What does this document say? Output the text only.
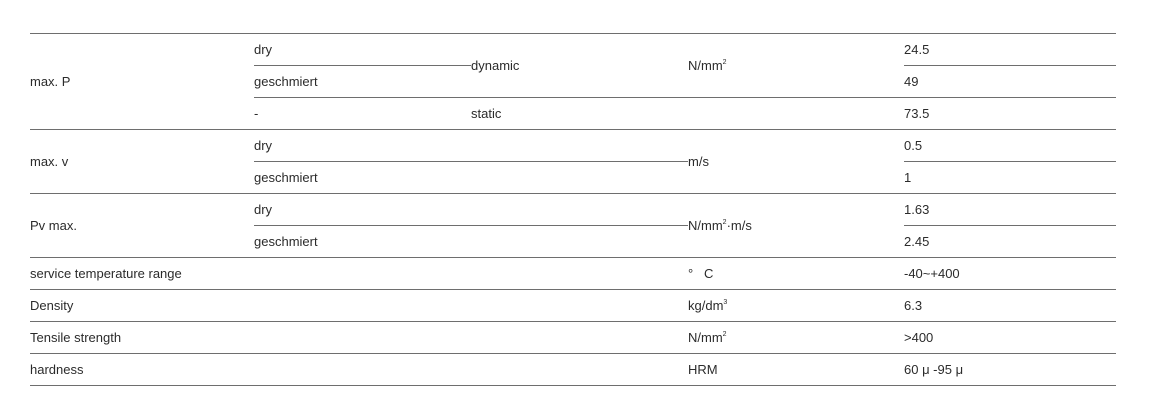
max. P	dry	dynamic	$N/mm^2$	24.5
	geschmiert			49
	-	static		73.5
max. v	dry		m/s	0.5
	geschmiert			1
Pv max.	dry		$N/mm^2\cdot m/s$	1.63
	geschmiert			2.45
service temperature range			° C	-40~+400
Density			$kg/dm^3$	6.3
Tensile strength			$N/mm^2$	>400
hardness			HRM	60 μ -95 μ
